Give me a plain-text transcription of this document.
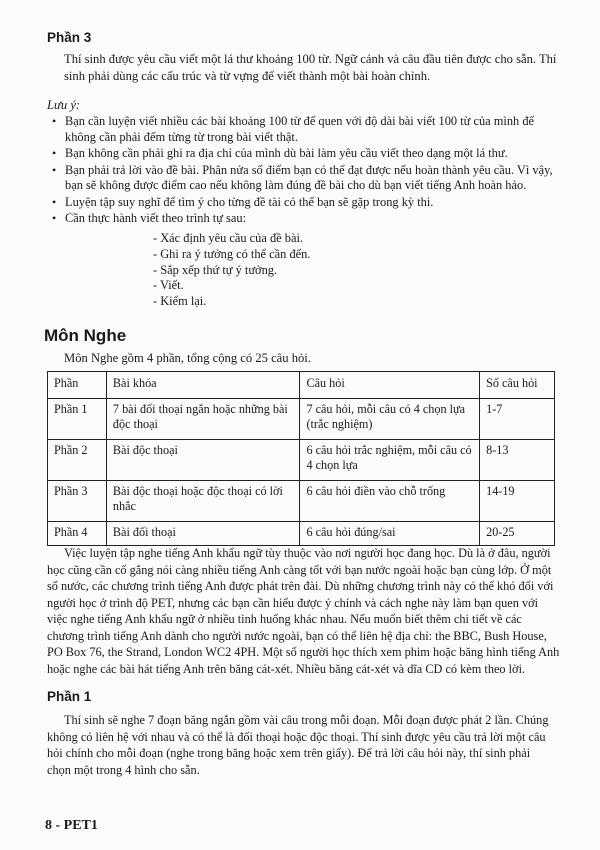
Phần 3
Thí sinh được yêu cầu viết một lá thư khoảng 100 từ. Ngữ cảnh và câu đầu tiên được cho sẵn. Thí
sinh phải dùng các cấu trúc và từ vựng để viết thành một bài hoàn chỉnh.
Lưu ý:
• Bạn cần luyện viết nhiều các bài khoảng 100 từ để quen với độ dài bài viết 100 từ của mình để không cần phải đếm từng từ trong bài viết thật.
• Bạn không cần phải ghi ra địa chỉ của mình dù bài làm yêu cầu viết theo dạng một lá thư.
• Bạn phải trả lời vào đề bài. Phân nửa số điểm bạn có thể đạt được nếu hoàn thành yêu cầu. Vì vậy, bạn sẽ không được điểm cao nếu không làm đúng đề bài cho dù bạn viết tiếng Anh hoàn hảo.
• Luyện tập suy nghĩ để tìm ý cho từng đề tài có thể bạn sẽ gặp trong kỳ thi.
• Cần thực hành viết theo trình tự sau:
- Xác định yêu cầu của đề bài.
- Ghi ra ý tưởng có thể cần đến.
- Sắp xếp thứ tự ý tưởng.
- Viết.
- Kiểm lại.
Môn Nghe
Môn Nghe gồm 4 phần, tổng cộng có 25 câu hỏi.
Phần	Bài khóa	Câu hỏi	Số câu hỏi
Phần 1	7 bài đối thoại ngắn hoặc những bài độc thoại	7 câu hỏi, mỗi câu có 4 chọn lựa (trắc nghiệm)	1-7
Phần 2	Bài độc thoại	6 câu hỏi trắc nghiệm, mỗi câu có 4 chọn lựa	8-13
Phần 3	Bài độc thoại hoặc độc thoại có lời nhắc	6 câu hỏi điền vào chỗ trống	14-19
Phần 4	Bài đối thoại	6 câu hỏi đúng/sai	20-25
Việc luyện tập nghe tiếng Anh khẩu ngữ tùy thuộc vào nơi người học đang học. Dù là ở đâu, người
học cũng cần cố gắng nói càng nhiều tiếng Anh càng tốt với bạn nước ngoài hoặc bạn cùng lớp. Ở một
số nước, các chương trình tiếng Anh được phát trên đài. Dù những chương trình này có thể khó đối với
người học ở trình độ PET, nhưng các bạn cần hiểu được ý chính và cách nghe này làm bạn quen với
việc nghe tiếng Anh khẩu ngữ ở nhiều tình huống khác nhau. Nếu muốn biết thêm chi tiết về các
chương trình tiếng Anh dành cho người nước ngoài, bạn có thể liên hệ địa chỉ: the BBC, Bush House,
PO Box 76, the Strand, London WC2 4PH. Một số người học thích xem phim hoặc băng hình tiếng Anh
hoặc nghe các bài hát tiếng Anh trên băng cát-xét. Nhiều băng cát-xét và dĩa CD có kèm theo lời.
Phần 1
Thí sinh sẽ nghe 7 đoạn băng ngắn gồm vài câu trong mỗi đoạn. Mỗi đoạn được phát 2 lần. Chúng
không có liên hệ với nhau và có thể là đối thoại hoặc độc thoại. Thí sinh được yêu cầu trả lời một câu
hỏi chính cho mỗi đoạn (nghe trong băng hoặc xem trên giấy). Để trả lời câu hỏi này, thí sinh phải
chọn một trong 4 hình cho sẵn.
8 - PET1
